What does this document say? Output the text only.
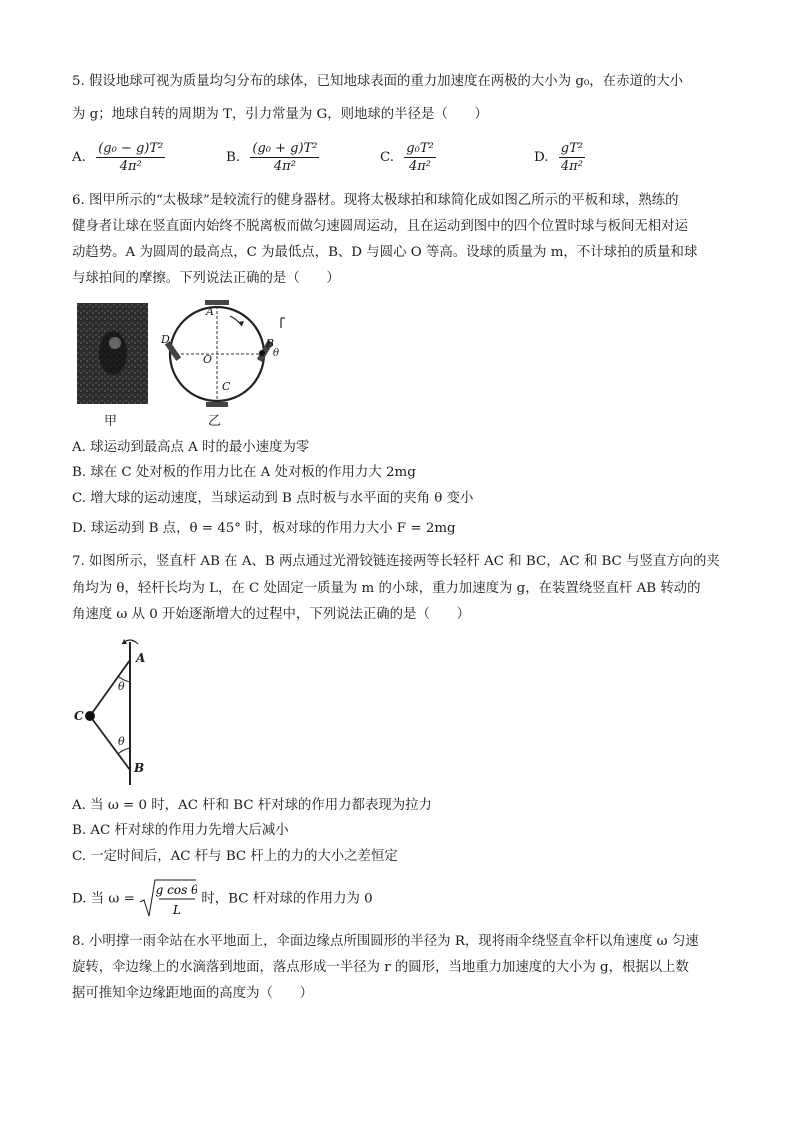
5. 假设地球可视为质量均匀分布的球体，已知地球表面的重力加速度在两极的大小为 g₀，在赤道的大小
为 g；地球自转的周期为 T，引力常量为 G，则地球的半径是（　　）
A. $\frac{\text{(g₀ − g)T²}}{\text{4π²}}$	B. $\frac{\text{(g₀ + g)T²}}{\text{4π²}}$	C. $\frac{\text{g₀T²}}{\text{4π²}}$	D. $\frac{\text{gT²}}{\text{4π²}}$
6. 图甲所示的“太极球”是较流行的健身器材。现将太极球拍和球简化成如图乙所示的平板和球，熟练的
健身者让球在竖直面内始终不脱离板而做匀速圆周运动，且在运动到图中的四个位置时球与板间无相对运
动趋势。A 为圆周的最高点，C 为最低点，B、D 与圆心 O 等高。设球的质量为 m，不计球拍的质量和球
与球拍间的摩擦。下列说法正确的是（　　）
甲
A
B
θ
C
D
O
乙
A. 球运动到最高点 A 时的最小速度为零
B. 球在 C 处对板的作用力比在 A 处对板的作用力大 2mg
C. 增大球的运动速度，当球运动到 B 点时板与水平面的夹角 θ 变小
D. 球运动到 B 点，θ = 45° 时，板对球的作用力大小 F = 2mg
7. 如图所示，竖直杆 AB 在 A、B 两点通过光滑铰链连接两等长轻杆 AC 和 BC，AC 和 BC 与竖直方向的夹
角均为 θ，轻杆长均为 L，在 C 处固定一质量为 m 的小球，重力加速度为 g，在装置绕竖直杆 AB 转动的
角速度 ω 从 0 开始逐渐增大的过程中，下列说法正确的是（　　）
A
θ
C
θ
B
A. 当 ω = 0 时，AC 杆和 BC 杆对球的作用力都表现为拉力
B. AC 杆对球的作用力先增大后减小
C. 一定时间后，AC 杆与 BC 杆上的力的大小之差恒定
D. 当 ω =
g cos θ
L
时，BC 杆对球的作用力为 0
8. 小明撑一雨伞站在水平地面上，伞面边缘点所围圆形的半径为 R，现将雨伞绕竖直伞杆以角速度 ω 匀速
旋转，伞边缘上的水滴落到地面，落点形成一半径为 r 的圆形，当地重力加速度的大小为 g，根据以上数
据可推知伞边缘距地面的高度为（　　）
